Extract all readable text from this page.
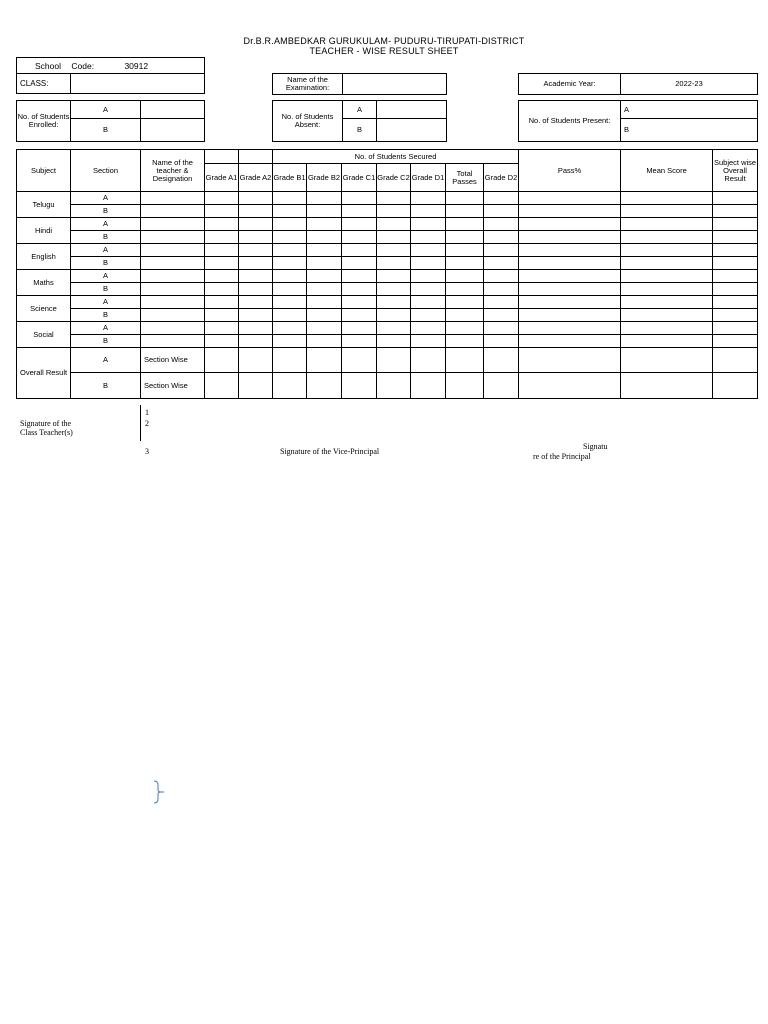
Dr.B.R.AMBEDKAR GURUKULAM- PUDURU-TIRUPATI-DISTRICT
TEACHER - WISE RESULT SHEET
School Code:	30912
CLASS:		Name of the Examination:		Academic Year:	2022-23
No. of Students Enrolled:	A	
	B	
No. of Students Absent:	A	
	B	
No. of Students Present:	A
B
Subject	Section	Name of the teacher & Designation			No. of Students Secured							Pass%	Mean Score	Subject wise Overall Result
			Grade A1	Grade A2	Grade B1	Grade B2	Grade C1	Grade C2	Grade D1	Total Passes	Grade D2			
Telugu	A													
	B													
Hindi	A													
	B													
English	A													
	B													
Maths	A													
	B													
Science	A													
	B													
Social	A													
	B													
Overall Result	A	Section Wise												
	B	Section Wise												
Signature of the Class Teacher(s)
1
2
3	Signature of the Vice-Principal
Signatu
re of the Principal
